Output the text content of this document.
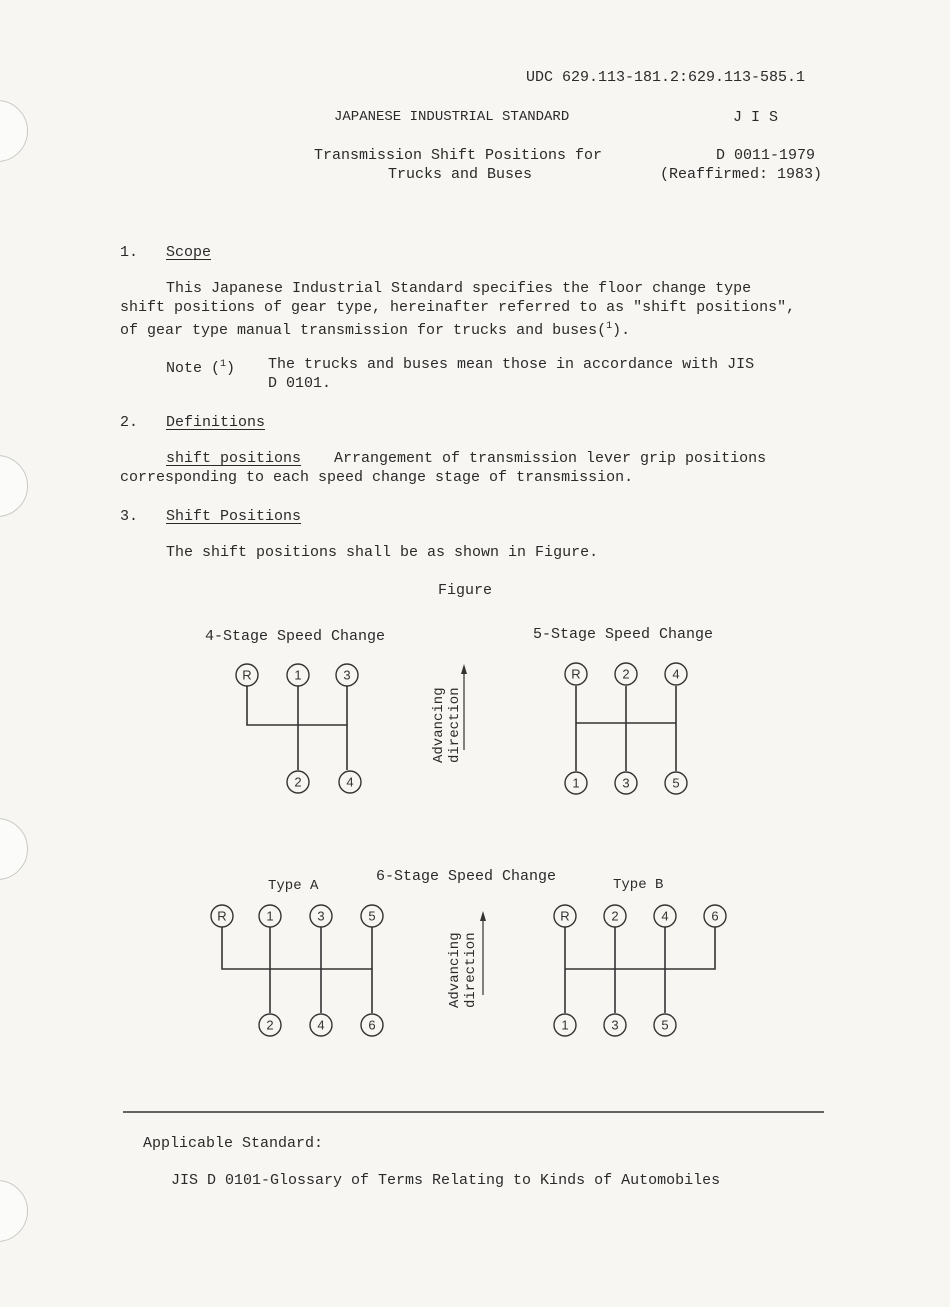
UDC 629.113-181.2:629.113-585.1
JAPANESE INDUSTRIAL STANDARD	J I S
Transmission Shift Positions for
Trucks and Buses
D 0011-1979
(Reaffirmed: 1983)
1. Scope
This Japanese Industrial Standard specifies the floor change type
shift positions of gear type, hereinafter referred to as "shift positions",
of gear type manual transmission for trucks and buses($^1$).
Note ($^1$) The trucks and buses mean those in accordance with JIS
D 0101.
2. Definitions
shift positions Arrangement of transmission lever grip positions
corresponding to each speed change stage of transmission.
3. Shift Positions
The shift positions shall be as shown in Figure.
Figure
4-Stage Speed Change	5-Stage Speed Change
6-Stage Speed Change
Type A	Type B
R	1	3
2	4
Advancing direction
R	2	4
1	3	5
R	1	3	5
2	4	6
Advancing direction
R	2	4	6
1	3	5
Applicable Standard:
JIS D 0101-Glossary of Terms Relating to Kinds of Automobiles
